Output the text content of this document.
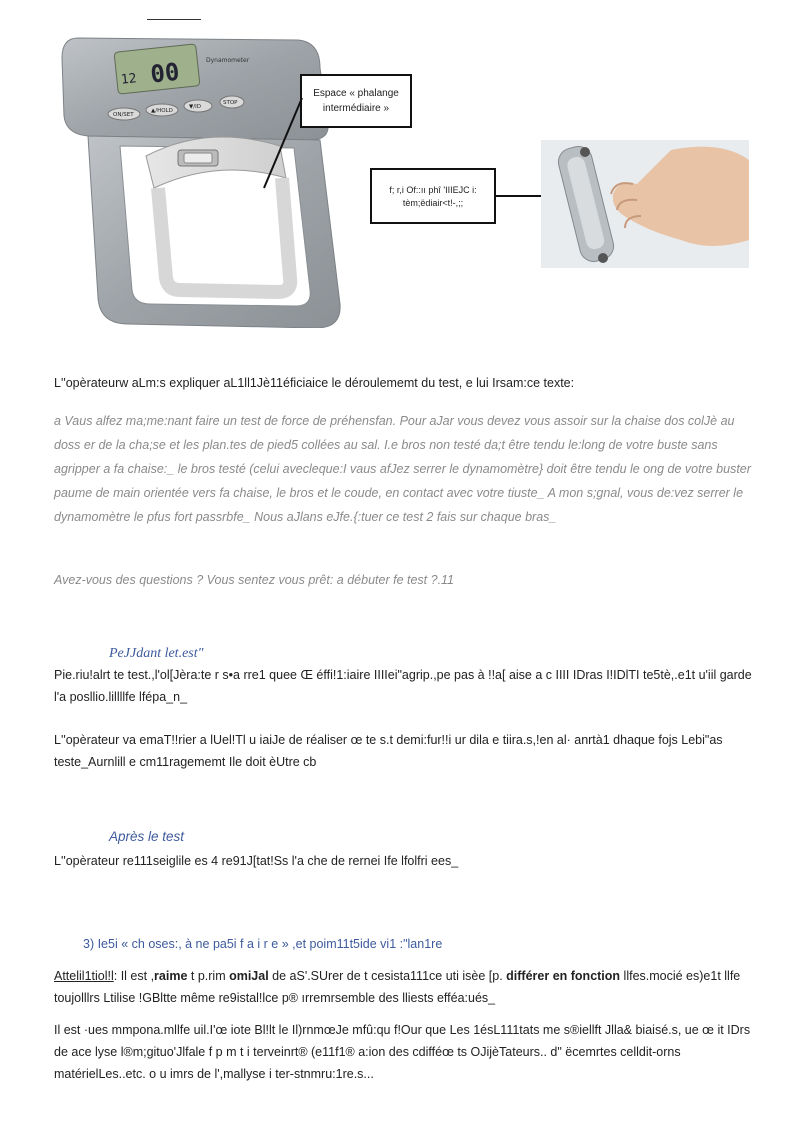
12 00	Dynamometer
ON/SET
▲/HOLD
▼/ID
STOP
Espace « phalange intermédiaire »
f; r,i Of::ıı phî 'IIIEJC i: tèm;ëdiair<t!-,;;
L''opèrateurw aLm:s expliquer aL1ll1Jè11éficiaice le déroulememt du test, e lui Irsam:ce texte:
a Vaus alfez ma;me:nant faire un test de force de préhensfan. Pour aJar vous devez vous assoir sur la chaise dos colJè au doss er de la cha;se et les plan.tes de pied5 collées au sal. I.e bros non testé da;t être tendu le:long de votre buste sans agripper a fa chaise:_ le bros testé (celui avecleque:I vaus afJez serrer le dynamomètre} doit être tendu le ong de votre buster paume de main orientée vers fa chaise, le bros et le coude, en contact avec votre tiuste_ A mon s;gnal, vous de:vez serrer le dynamomètre le pfus fort passrbfe_ Nous aJlans eJfe.{:tuer ce test 2 fais sur chaque bras_
Avez-vous des questions ? Vous sentez vous prêt: a débuter fe test ?.11
PeJJdant let.est"
Pie.riu!alrt te test.,l'ol[Jèra:te r s•a rre1 quee Œ éffi!1:iaire IIIIei"agrip.,pe pas à !!a[ aise a c IIII IDras I!IDlTI te5tè,.e1t u'iil garde l'a posllio.lillllfe lfépa_n_
L''opèrateur va emaT!!rier a lUel!Tl u iaiJe de réaliser œ te s.t demi:fur!!i ur dila e tiira.s,!en al· anrtà1 dhaque fojs Lebi"as teste_Aurnlill e cm11ragememt Ile doit èUtre cb
Après le test
L''opèrateur re111seiglile es 4 re91J[tat!Ss l'a che de rernei Ife lfolfri ees_
3) Ie5i « ch oses:, à ne pa5i f a i r e » ,et poim11t5ide vi1 :"lan1re
Attelil1tiol!l: Il est ,raime t p.rim omiJal de aS'.SUrer de t cesista111ce uti isèe [p. différer en fonction llfes.mocié es)e1t llfe toujolllrs Ltilise !GBltte même re9istal!lce p® ırremrsemble des lliests efféa:ués_
Il est ·ues mmpona.mllfe uil.I'œ iote Bl!lt le Il)rnmœJe mfû:qu f!Our que Les 1ésL111tats me s®iellft Jlla& biaisé.s, ue œ it IDrs de ace lyse l®m;gituo'Jlfale f p m t i terveinrt® (e11f1® a:ion des cdifféœ ts OJijèTateurs.. d" ëcemrtes celldit-orns matérielLes..etc. o u imrs de l',mallyse i ter-stnmru:1re.s...
